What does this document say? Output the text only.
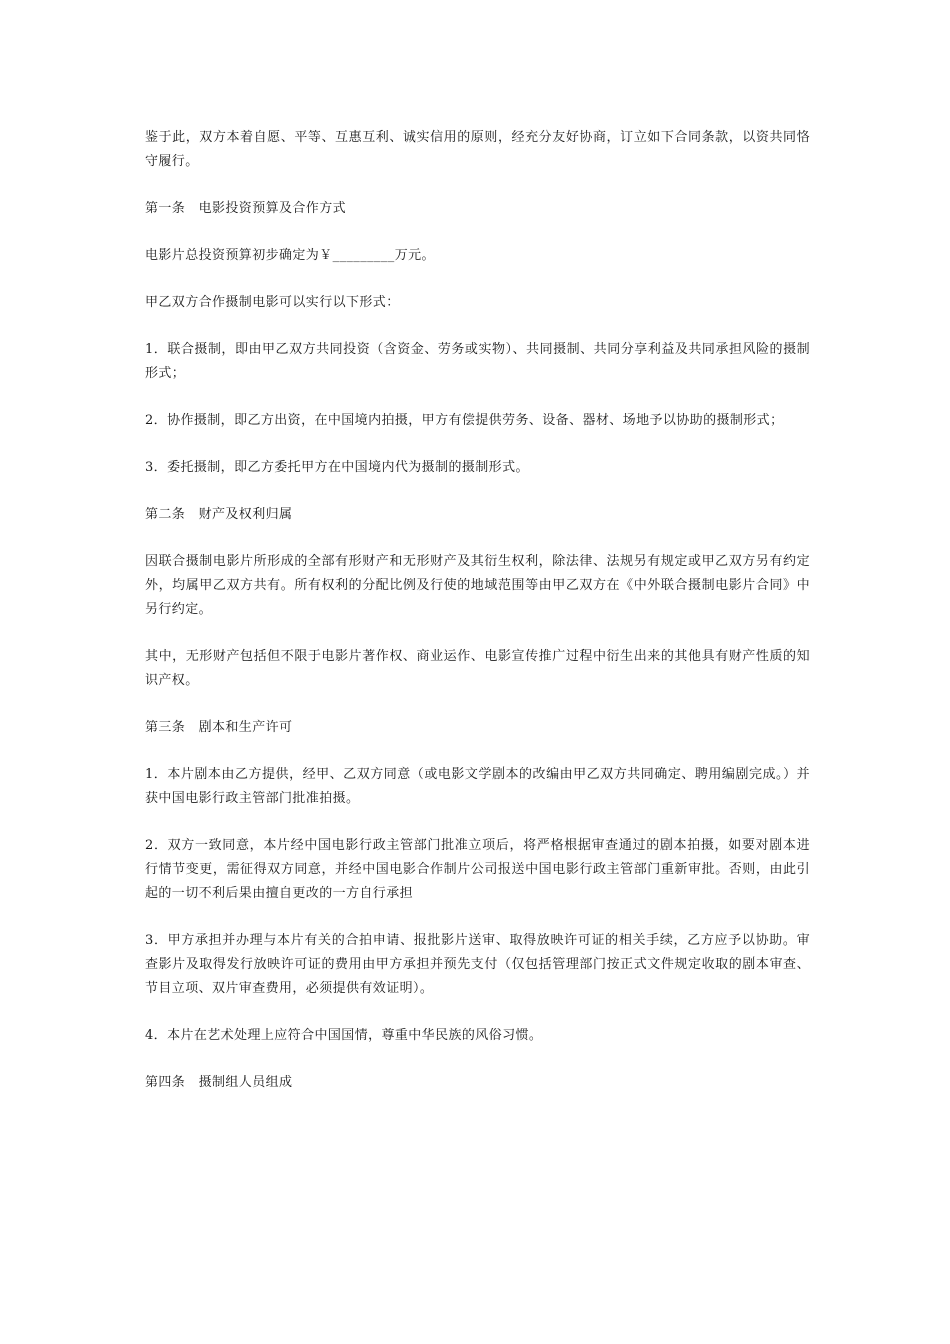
鉴于此，双方本着自愿、平等、互惠互利、诚实信用的原则，经充分友好协商，订立如下合同条款，以资共同恪守履行。

第一条　电影投资预算及合作方式

电影片总投资预算初步确定为￥_________万元。

甲乙双方合作摄制电影可以实行以下形式：

1．联合摄制，即由甲乙双方共同投资（含资金、劳务或实物）、共同摄制、共同分享利益及共同承担风险的摄制形式；

2．协作摄制，即乙方出资，在中国境内拍摄，甲方有偿提供劳务、设备、器材、场地予以协助的摄制形式；

3．委托摄制，即乙方委托甲方在中国境内代为摄制的摄制形式。

第二条　财产及权利归属

因联合摄制电影片所形成的全部有形财产和无形财产及其衍生权利，除法律、法规另有规定或甲乙双方另有约定外，均属甲乙双方共有。所有权利的分配比例及行使的地域范围等由甲乙双方在《中外联合摄制电影片合同》中另行约定。

其中，无形财产包括但不限于电影片著作权、商业运作、电影宣传推广过程中衍生出来的其他具有财产性质的知识产权。

第三条　剧本和生产许可

1．本片剧本由乙方提供，经甲、乙双方同意（或电影文学剧本的改编由甲乙双方共同确定、聘用编剧完成。）并获中国电影行政主管部门批准拍摄。

2．双方一致同意，本片经中国电影行政主管部门批准立项后，将严格根据审查通过的剧本拍摄，如要对剧本进行情节变更，需征得双方同意，并经中国电影合作制片公司报送中国电影行政主管部门重新审批。否则，由此引起的一切不利后果由擅自更改的一方自行承担

3．甲方承担并办理与本片有关的合拍申请、报批影片送审、取得放映许可证的相关手续，乙方应予以协助。审查影片及取得发行放映许可证的费用由甲方承担并预先支付（仅包括管理部门按正式文件规定收取的剧本审查、节目立项、双片审查费用，必须提供有效证明）。

4．本片在艺术处理上应符合中国国情，尊重中华民族的风俗习惯。

第四条　摄制组人员组成
